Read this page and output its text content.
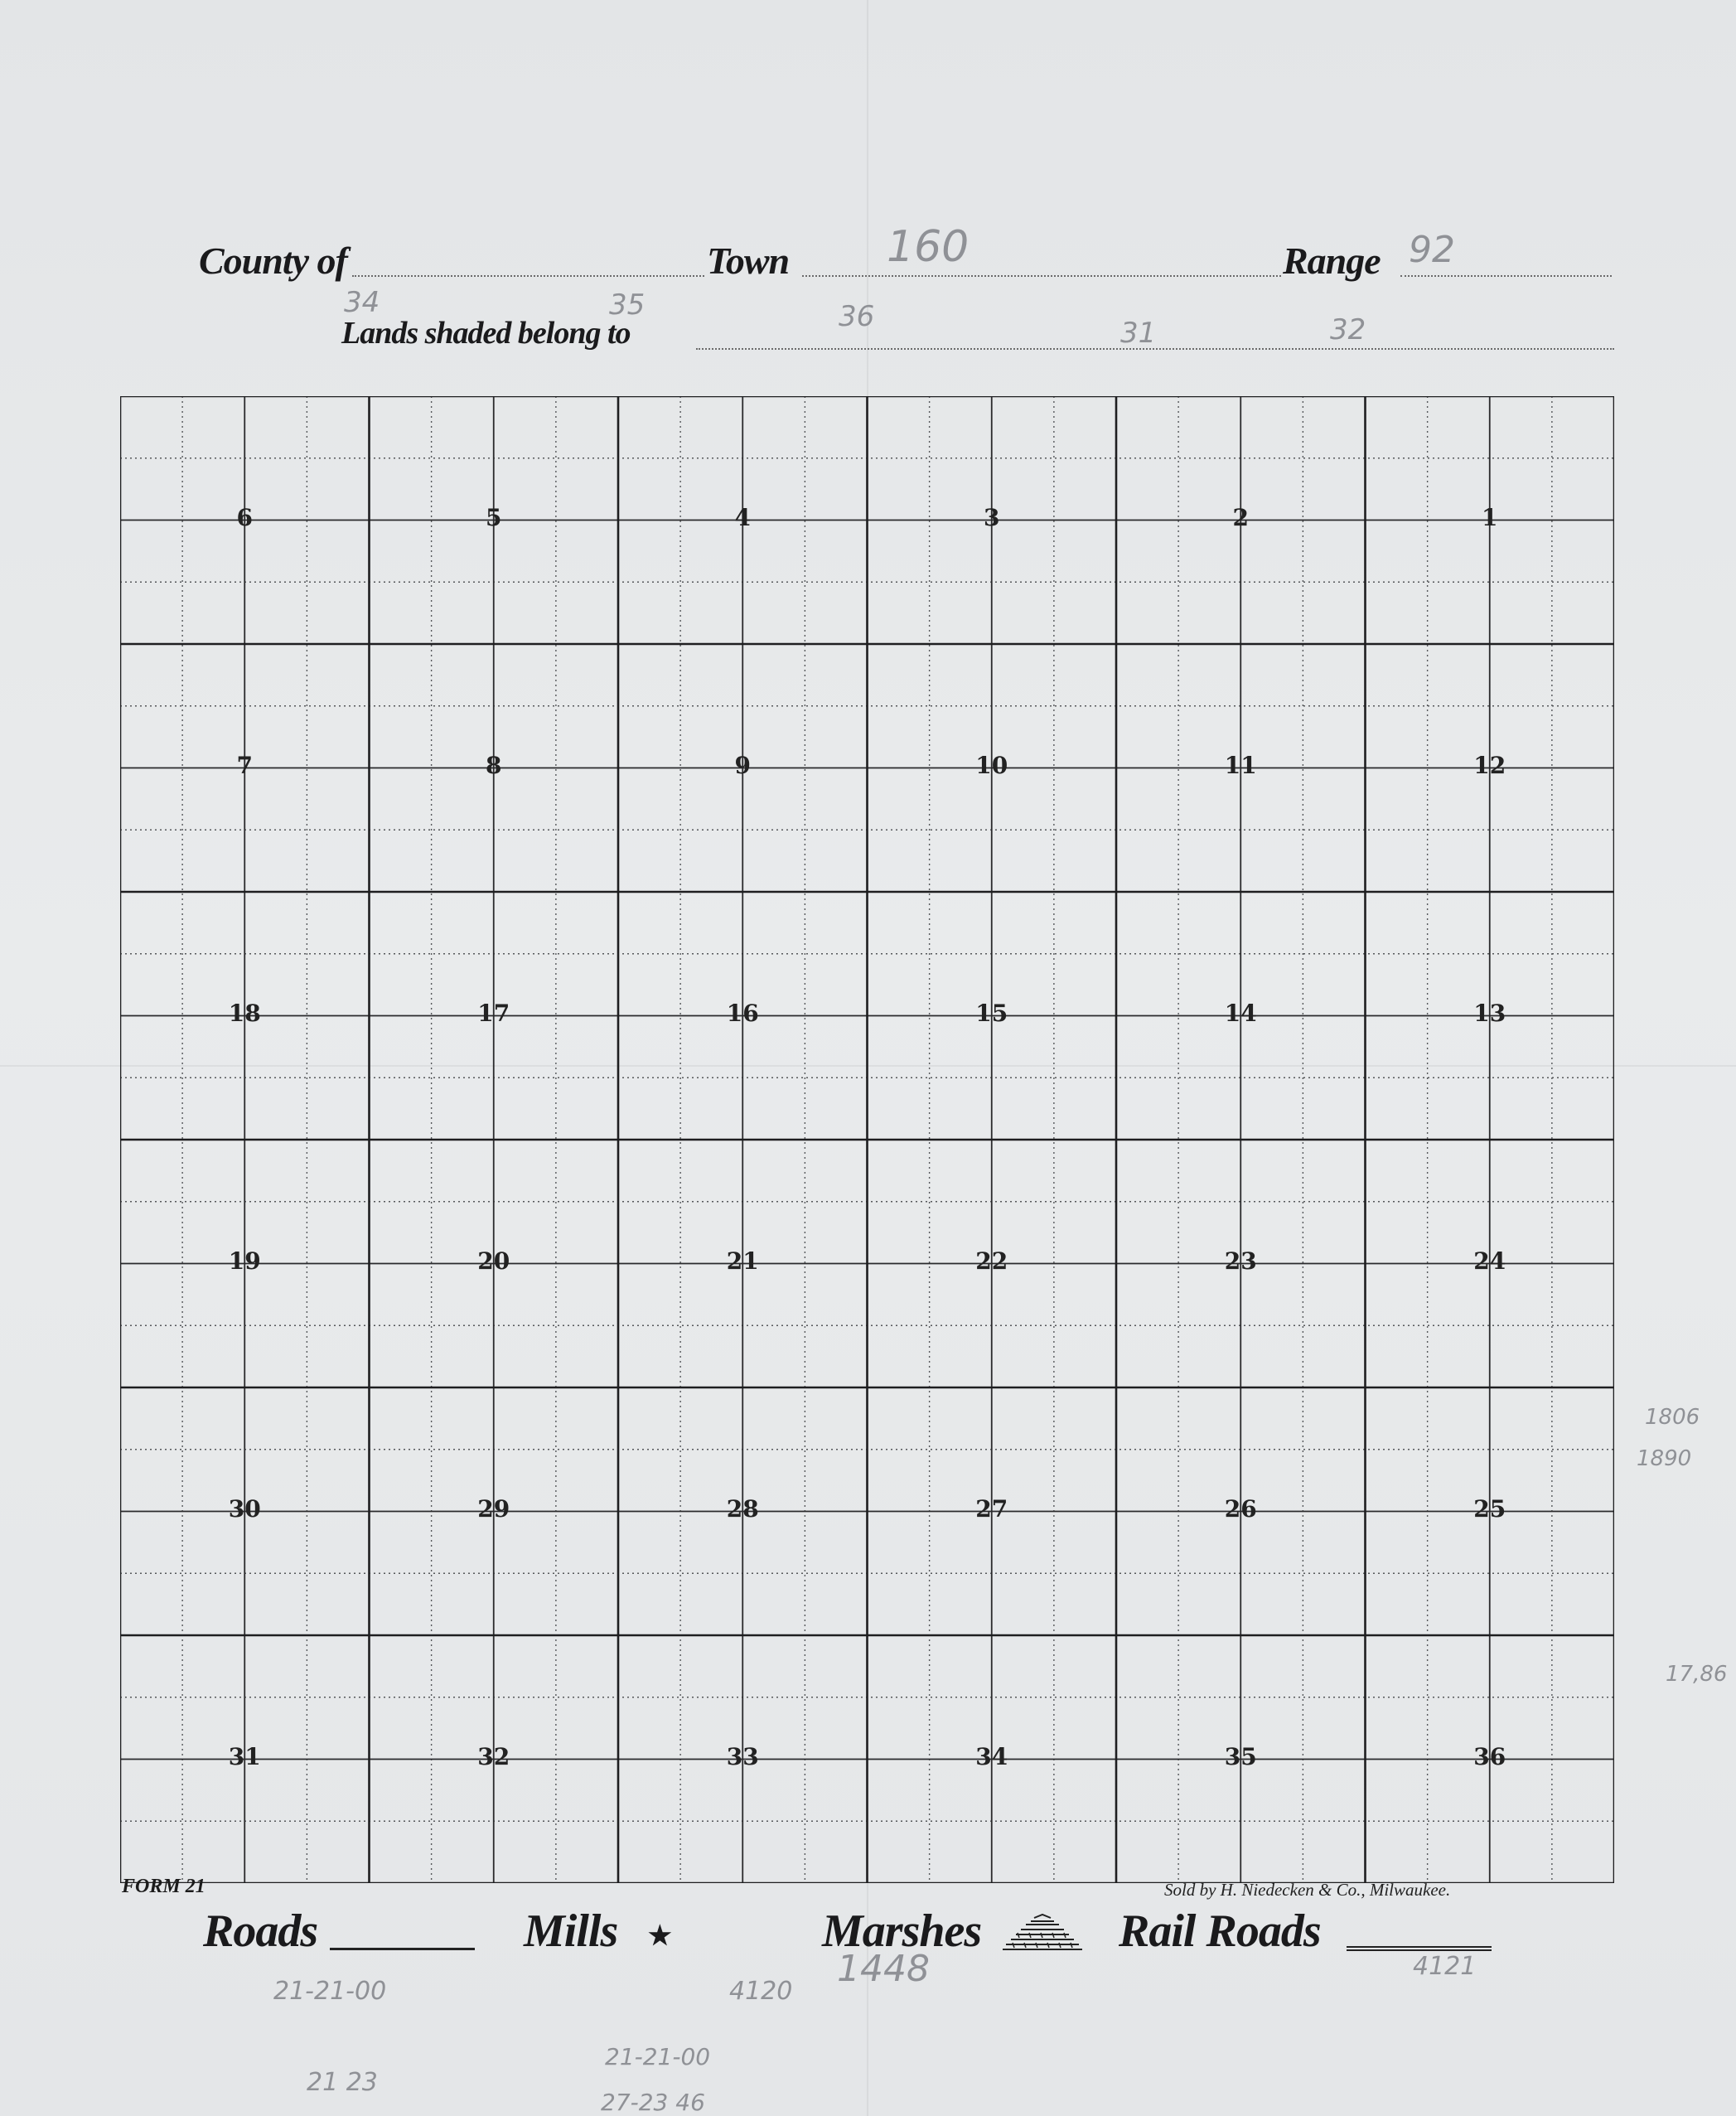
County of	Town 160	Range 92
Lands shaded belong to
34	35	36	31	32
6	5	4	3	2	1
7	8	9	10	11	12
18	17	16	15	14	13
19	20	21	22	23	24
30	29	28	27	26	25
31	32	33	34	35	36
FORM 21	Sold by H. Niedecken & Co., Milwaukee.
Roads	Mills ★	Marshes	Rail Roads
21-21-00
21 23
4120
1448	4121
21-21-00
27-23 46
1806
1890
17,86
